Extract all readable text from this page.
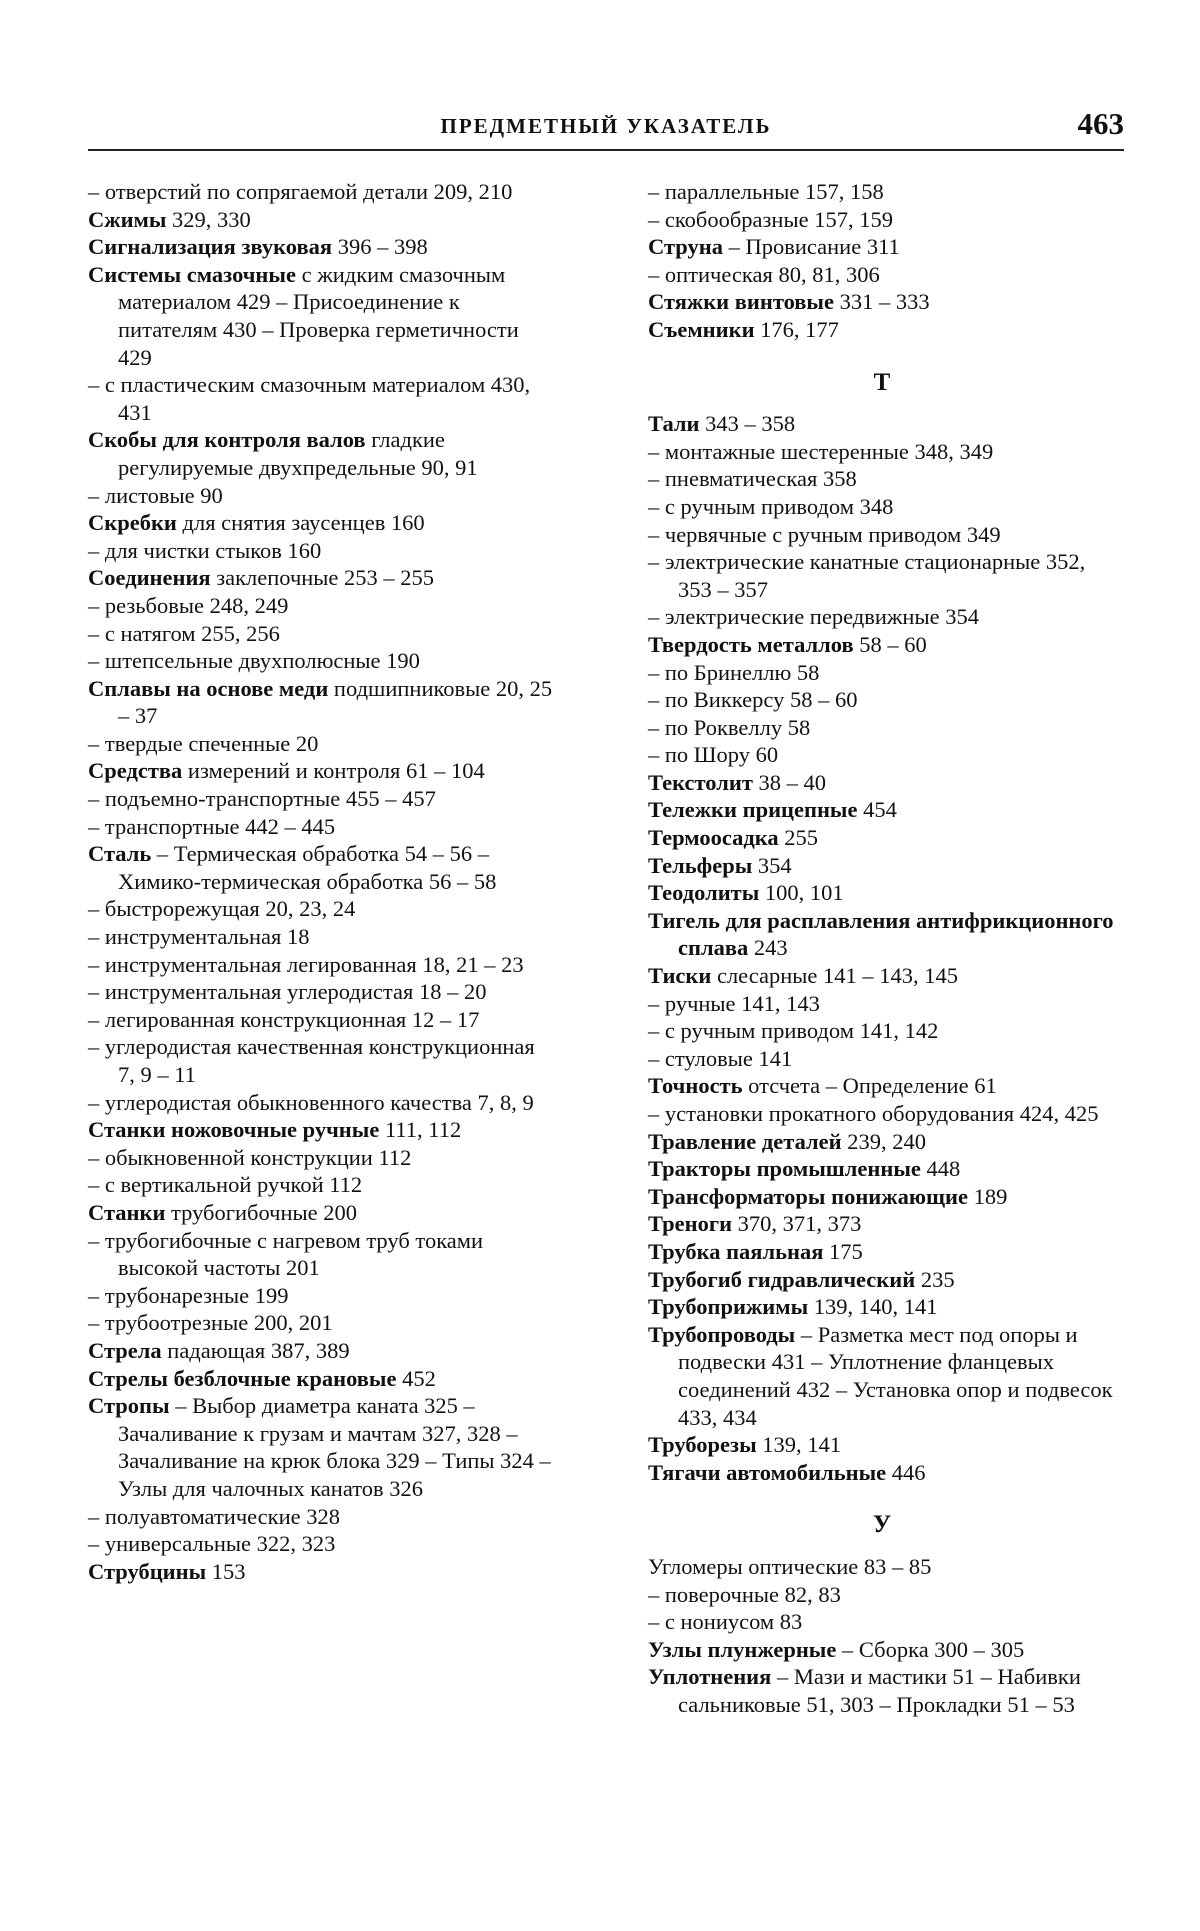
ПРЕДМЕТНЫЙ УКАЗАТЕЛЬ	463
– отверстий по сопрягаемой детали 209, 210
Сжимы 329, 330
Сигнализация звуковая 396 – 398
Системы смазочные с жидким смазочным материалом 429 – Присоединение к питателям 430 – Проверка герметичности 429
– с пластическим смазочным материалом 430, 431
Скобы для контроля валов гладкие регулируемые двухпредельные 90, 91
– листовые 90
Скребки для снятия заусенцев 160
– для чистки стыков 160
Соединения заклепочные 253 – 255
– резьбовые 248, 249
– с натягом 255, 256
– штепсельные двухполюсные 190
Сплавы на основе меди подшипниковые 20, 25 – 37
– твердые спеченные 20
Средства измерений и контроля 61 – 104
– подъемно-транспортные 455 – 457
– транспортные 442 – 445
Сталь – Термическая обработка 54 – 56 – Химико-термическая обработка 56 – 58
– быстрорежущая 20, 23, 24
– инструментальная 18
– инструментальная легированная 18, 21 – 23
– инструментальная углеродистая 18 – 20
– легированная конструкционная 12 – 17
– углеродистая качественная конструкционная 7, 9 – 11
– углеродистая обыкновенного качества 7, 8, 9
Станки ножовочные ручные 111, 112
– обыкновенной конструкции 112
– с вертикальной ручкой 112
Станки трубогибочные 200
– трубогибочные с нагревом труб токами высокой частоты 201
– трубонарезные 199
– трубоотрезные 200, 201
Стрела падающая 387, 389
Стрелы безблочные крановые 452
Стропы – Выбор диаметра каната 325 – Зачаливание к грузам и мачтам 327, 328 – Зачаливание на крюк блока 329 – Типы 324 – Узлы для чалочных канатов 326
– полуавтоматические 328
– универсальные 322, 323
Струбцины 153
– параллельные 157, 158
– скобообразные 157, 159
Струна – Провисание 311
– оптическая 80, 81, 306
Стяжки винтовые 331 – 333
Съемники 176, 177
Т
Тали 343 – 358
– монтажные шестеренные 348, 349
– пневматическая 358
– с ручным приводом 348
– червячные с ручным приводом 349
– электрические канатные стационарные 352, 353 – 357
– электрические передвижные 354
Твердость металлов 58 – 60
– по Бринеллю 58
– по Виккерсу 58 – 60
– по Роквеллу 58
– по Шору 60
Текстолит 38 – 40
Тележки прицепные 454
Термоосадка 255
Тельферы 354
Теодолиты 100, 101
Тигель для расплавления антифрикционного сплава 243
Тиски слесарные 141 – 143, 145
– ручные 141, 143
– с ручным приводом 141, 142
– стуловые 141
Точность отсчета – Определение 61
– установки прокатного оборудования 424, 425
Травление деталей 239, 240
Тракторы промышленные 448
Трансформаторы понижающие 189
Треноги 370, 371, 373
Трубка паяльная 175
Трубогиб гидравлический 235
Трубоприжимы 139, 140, 141
Трубопроводы – Разметка мест под опоры и подвески 431 – Уплотнение фланцевых соединений 432 – Установка опор и подвесок 433, 434
Труборезы 139, 141
Тягачи автомобильные 446
У
Угломеры оптические 83 – 85
– поверочные 82, 83
– с нониусом 83
Узлы плунжерные – Сборка 300 – 305
Уплотнения – Мази и мастики 51 – Набивки сальниковые 51, 303 – Прокладки 51 – 53
